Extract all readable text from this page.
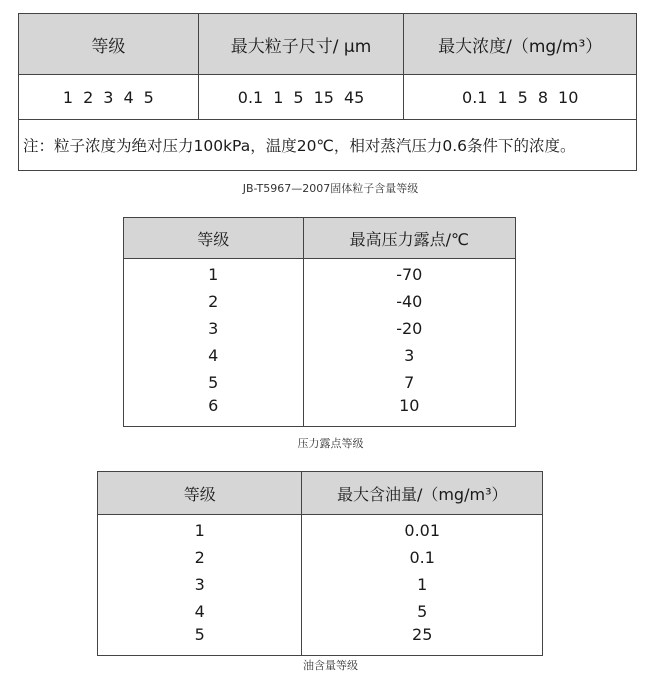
等级	最大粒子尺寸/ μm	最大浓度/（mg/m³）
1 2 3 4 5	0.1 1 5 15 45	0.1 1 5 8 10
注：粒子浓度为绝对压力100kPa，温度20℃，相对蒸汽压力0.6条件下的浓度。		
JB-T5967—2007固体粒子含量等级
等级	最高压力露点/℃
1	-70
2	-40
3	-20
4	3
5	7
6	10
压力露点等级
等级	最大含油量/（mg/m³）
1	0.01
2	0.1
3	1
4	5
5	25
油含量等级
